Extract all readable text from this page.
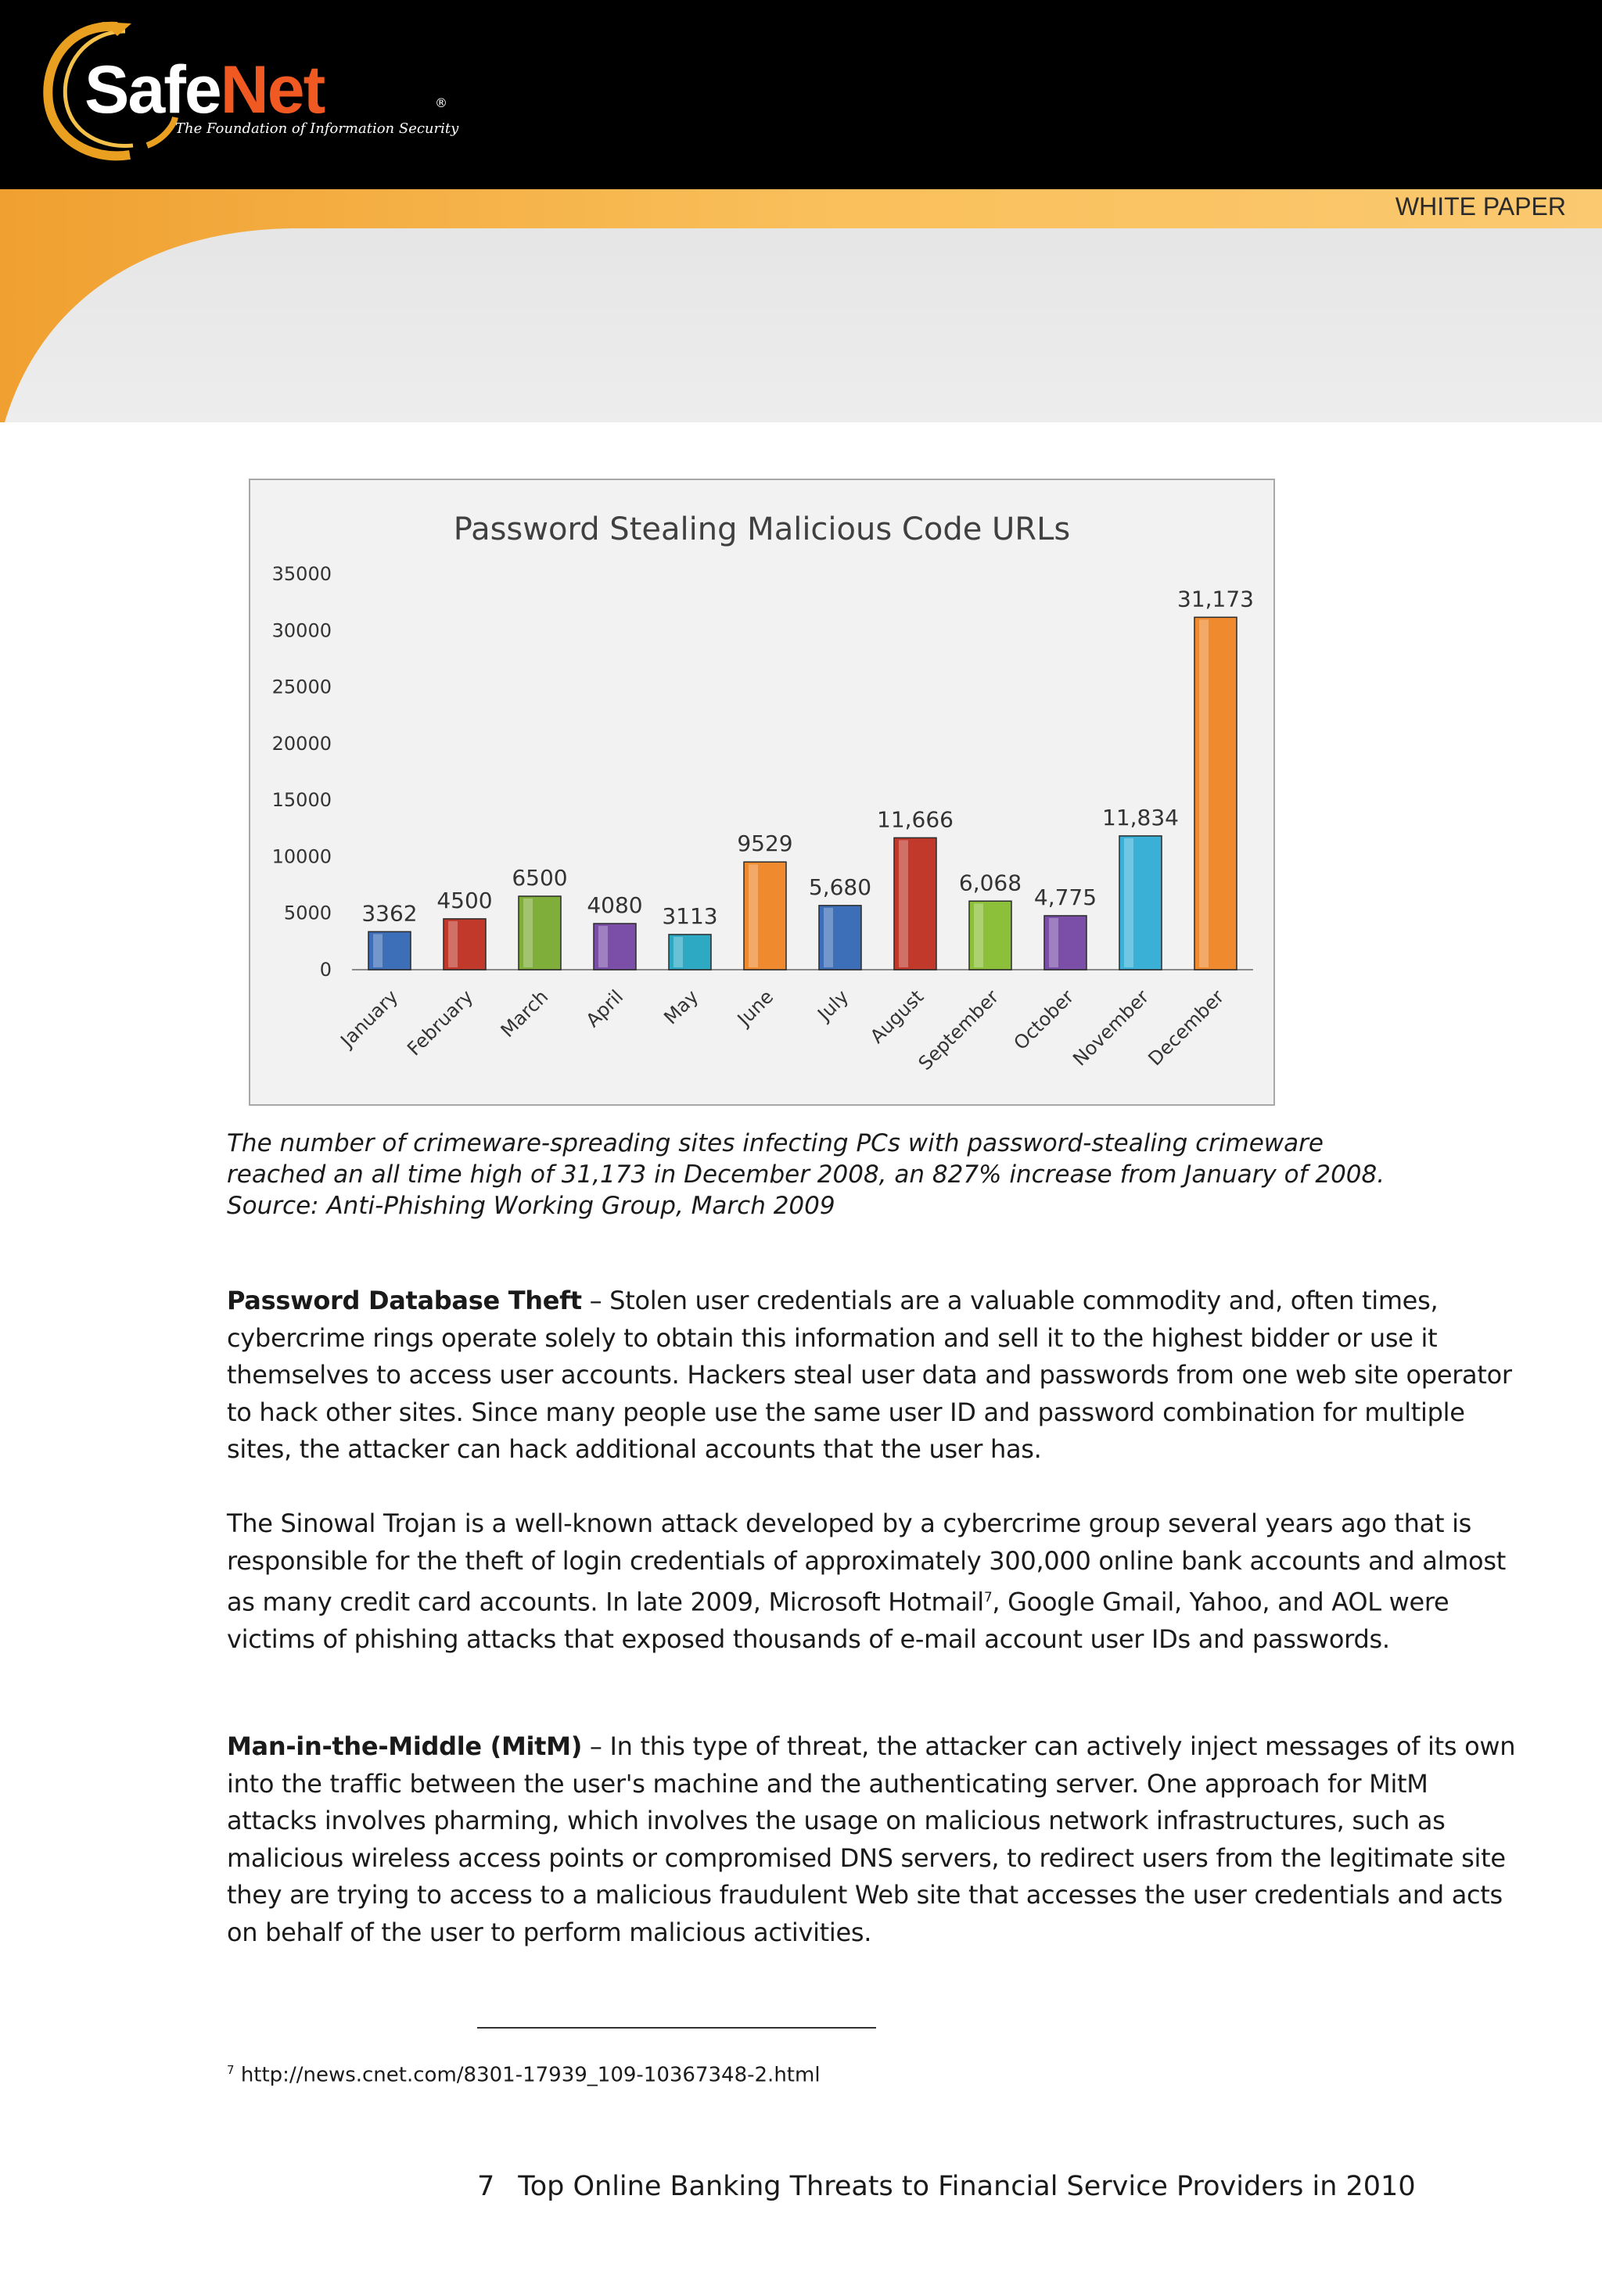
SafeNet	®
The Foundation of Information Security
WHITE PAPER
Password Stealing Malicious Code URLs
35000
30000
25000
20000
15000
10000
5000
0
3362
January
4500
February
6500
March
4080
April
3113
May
9529
June
5,680
July
11,666
August
6,068
September
4,775
October
11,834
November
31,173
December

The number of crimeware-spreading sites infecting PCs with password-stealing crimeware

reached an all time high of 31,173 in December 2008, an 827% increase from January of 2008.

Source: Anti-Phishing Working Group, March 2009

Password Database Theft – Stolen user credentials are a valuable commodity and, often times, cybercrime rings operate solely to obtain this information and sell it to the highest bidder or use it themselves to access user accounts. Hackers steal user data and passwords from one web site operator to hack other sites. Since many people use the same user ID and password combination for multiple sites, the attacker can hack additional accounts that the user has.

The Sinowal Trojan is a well-known attack developed by a cybercrime group several years ago that is responsible for the theft of login credentials of approximately 300,000 online bank accounts and almost as many credit card accounts. In late 2009, Microsoft Hotmail$^7$, Google Gmail, Yahoo, and AOL were victims of phishing attacks that exposed thousands of e-mail account user IDs and passwords.

Man-in-the-Middle (MitM) – In this type of threat, the attacker can actively inject messages of its own into the traffic between the user's machine and the authenticating server. One approach for MitM attacks involves pharming, which involves the usage on malicious network infrastructures, such as malicious wireless access points or compromised DNS servers, to redirect users from the legitimate site they are trying to access to a malicious fraudulent Web site that accesses the user credentials and acts on behalf of the user to perform malicious activities.

$^7$ http://news.cnet.com/8301-17939_109-10367348-2.html
7 Top Online Banking Threats to Financial Service Providers in 2010
